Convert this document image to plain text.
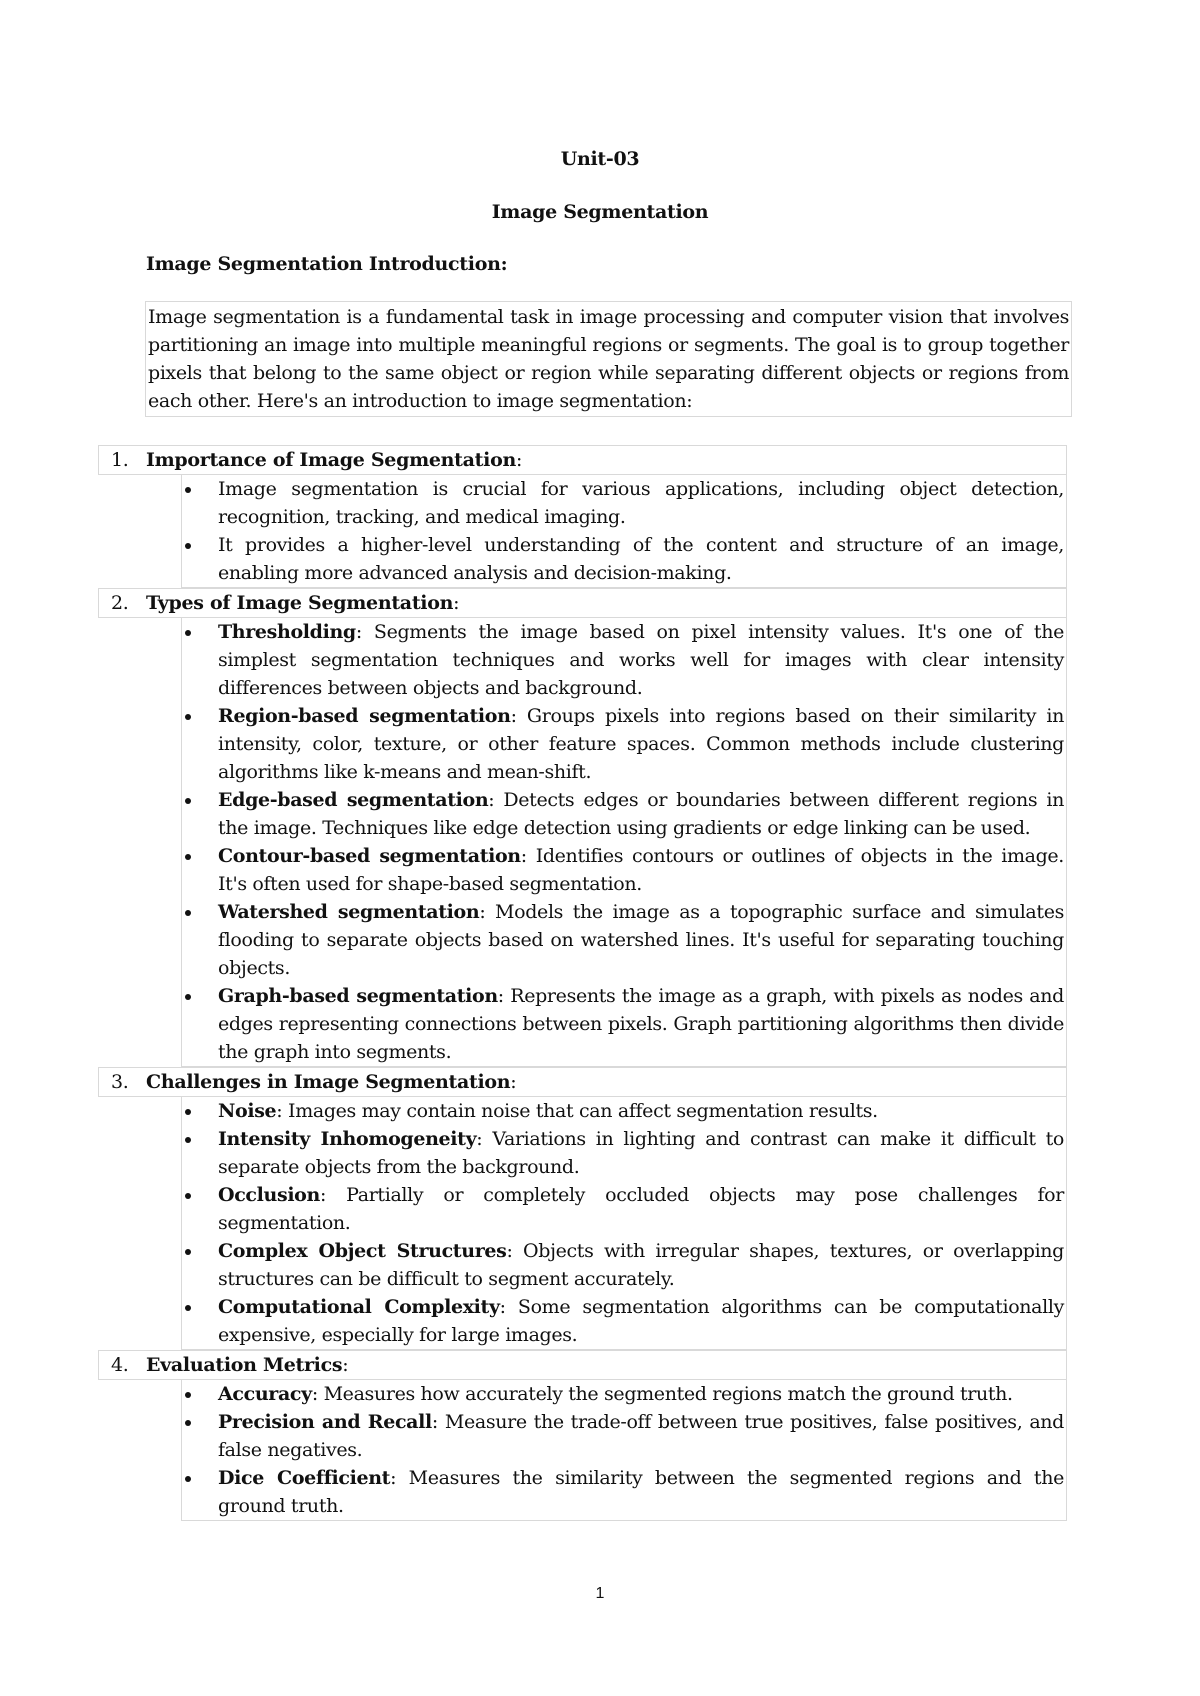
Unit-03
Image Segmentation
Image Segmentation Introduction:
Image segmentation is a fundamental task in image processing and computer vision that involves partitioning an image into multiple meaningful regions or segments. The goal is to group together pixels that belong to the same object or region while separating different objects or regions from each other. Here's an introduction to image segmentation:
1. Importance of Image Segmentation:
Image segmentation is crucial for various applications, including object detection, recognition, tracking, and medical imaging.
It provides a higher-level understanding of the content and structure of an image, enabling more advanced analysis and decision-making.
2. Types of Image Segmentation:
Thresholding: Segments the image based on pixel intensity values. It's one of the simplest segmentation techniques and works well for images with clear intensity differences between objects and background.
Region-based segmentation: Groups pixels into regions based on their similarity in intensity, color, texture, or other feature spaces. Common methods include clustering algorithms like k-means and mean-shift.
Edge-based segmentation: Detects edges or boundaries between different regions in the image. Techniques like edge detection using gradients or edge linking can be used.
Contour-based segmentation: Identifies contours or outlines of objects in the image. It's often used for shape-based segmentation.
Watershed segmentation: Models the image as a topographic surface and simulates flooding to separate objects based on watershed lines. It's useful for separating touching objects.
Graph-based segmentation: Represents the image as a graph, with pixels as nodes and edges representing connections between pixels. Graph partitioning algorithms then divide the graph into segments.
3. Challenges in Image Segmentation:
Noise: Images may contain noise that can affect segmentation results.
Intensity Inhomogeneity: Variations in lighting and contrast can make it difficult to separate objects from the background.
Occlusion: Partially or completely occluded objects may pose challenges for segmentation.
Complex Object Structures: Objects with irregular shapes, textures, or overlapping structures can be difficult to segment accurately.
Computational Complexity: Some segmentation algorithms can be computationally expensive, especially for large images.
4. Evaluation Metrics:
Accuracy: Measures how accurately the segmented regions match the ground truth.
Precision and Recall: Measure the trade-off between true positives, false positives, and false negatives.
Dice Coefficient: Measures the similarity between the segmented regions and the ground truth.
1
